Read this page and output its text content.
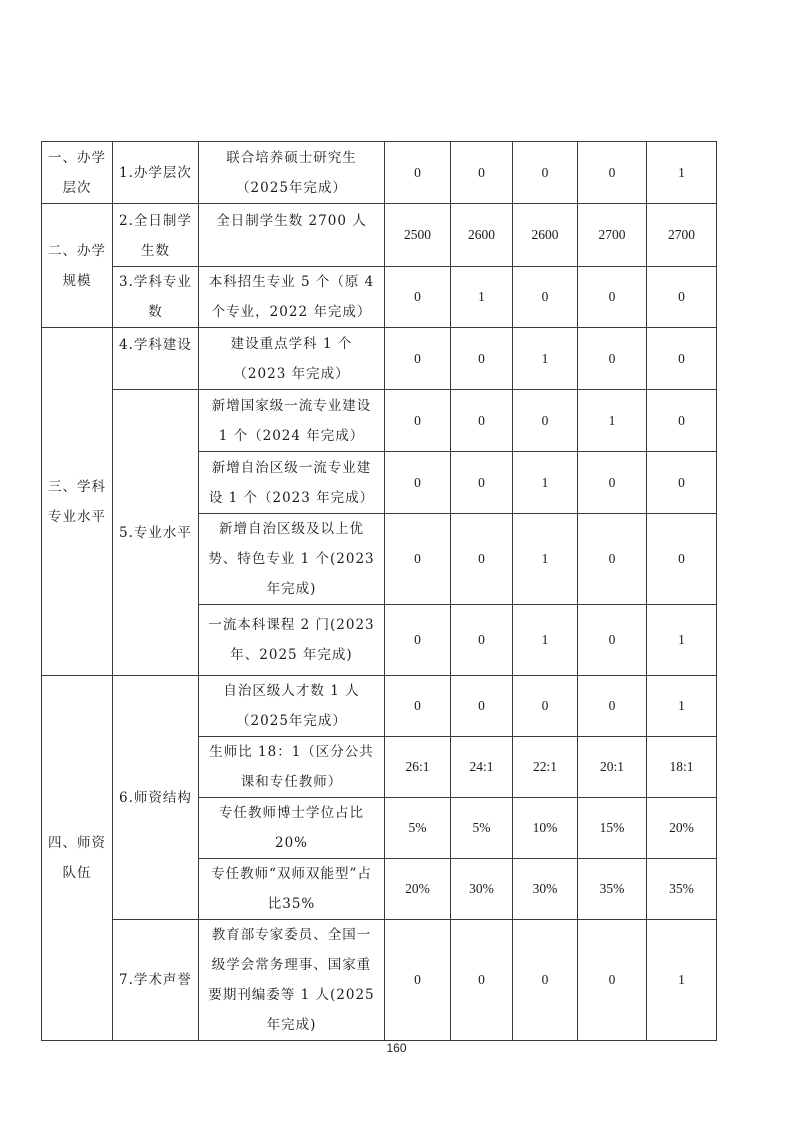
一、办学层次	1.办学层次	联合培养硕士研究生（2025年完成）	0	0	0	0	1
二、办学规模	2.全日制学生数	全日制学生数 2700 人	2500	2600	2600	2700	2700
	3.学科专业数	本科招生专业 5 个（原 4 个专业，2022 年完成）	0	1	0	0	0
三、学科专业水平	4.学科建设	建设重点学科 1 个（2023 年完成）	0	0	1	0	0
	5.专业水平	新增国家级一流专业建设 1 个（2024 年完成）	0	0	0	1	0
		新增自治区级一流专业建设 1 个（2023 年完成）	0	0	1	0	0
		新增自治区级及以上优势、特色专业 1 个(2023 年完成)	0	0	1	0	0
		一流本科课程 2 门(2023 年、2025 年完成)	0	0	1	0	1
四、师资队伍	6.师资结构	自治区级人才数 1 人（2025年完成）	0	0	0	0	1
		生师比 18：1（区分公共课和专任教师）	26:1	24:1	22:1	20:1	18:1
		专任教师博士学位占比 20%	5%	5%	10%	15%	20%
		专任教师“双师双能型”占比35%	20%	30%	30%	35%	35%
	7.学术声誉	教育部专家委员、全国一级学会常务理事、国家重要期刊编委等 1 人(2025 年完成)	0	0	0	0	1
160
